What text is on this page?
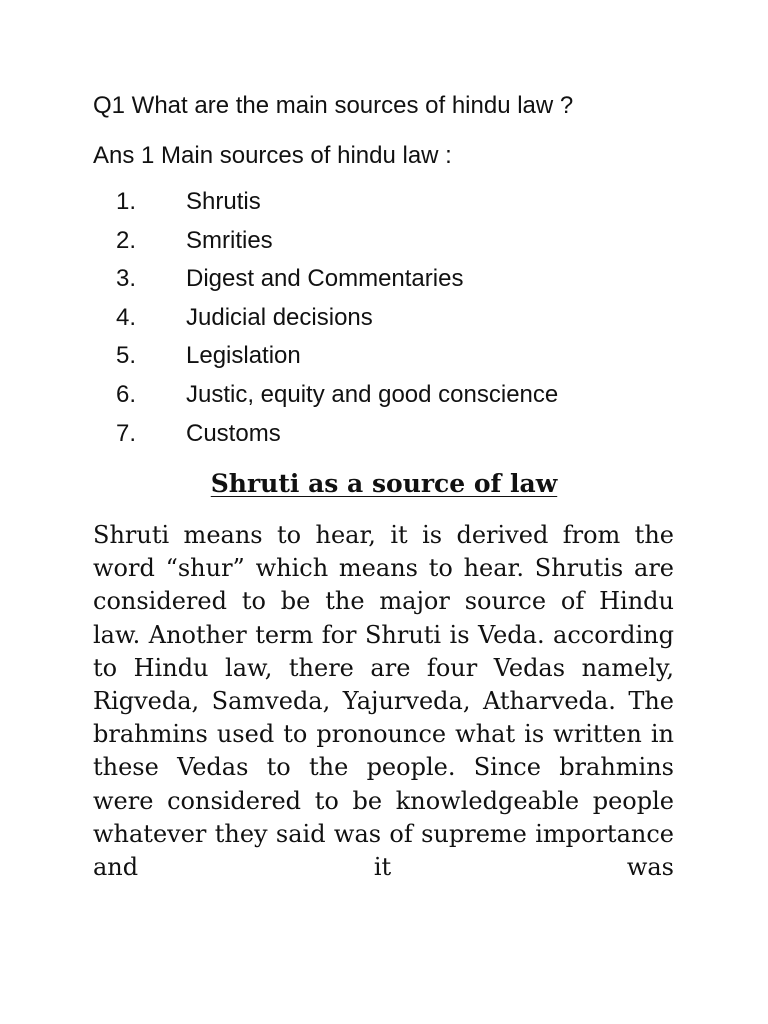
Q1 What are the main sources of hindu law ?
Ans 1 Main sources of hindu law :
1. Shrutis
2. Smrities
3. Digest and Commentaries
4. Judicial decisions
5. Legislation
6. Justic, equity and good conscience
7. Customs
Shruti as a source of law

Shruti means to hear, it is derived from the word “shur” which means to hear. Shrutis are considered to be the major source of Hindu law. Another term for Shruti is Veda. according to Hindu law, there are four Vedas namely, Rigveda, Samveda, Yajurveda, Atharveda. The brahmins used to pronounce what is written in these Vedas to the people. Since brahmins were considered to be knowledgeable people whatever they said was of supreme importance and it was
